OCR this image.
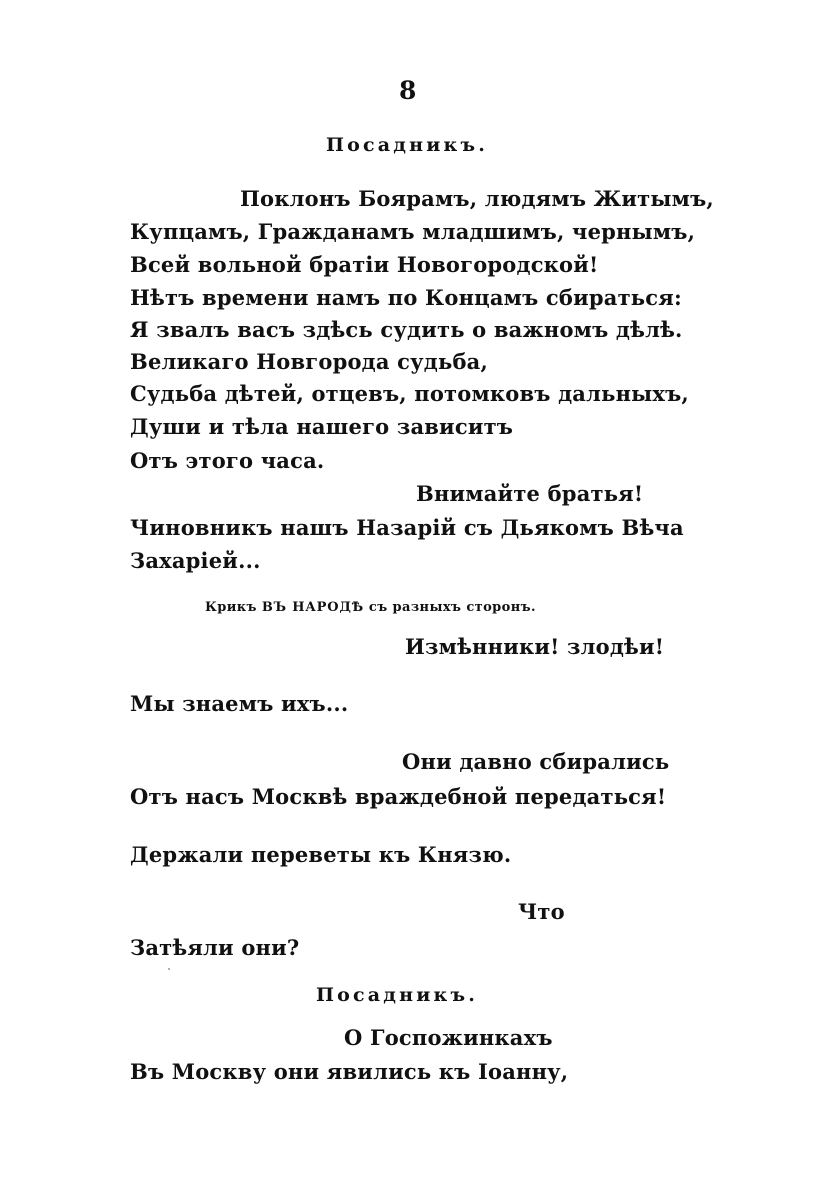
8
Посадникъ.
Поклонъ Боярамъ, людямъ Житымъ,
Купцамъ, Гражданамъ младшимъ, чернымъ,
Всей вольной братіи Новогородской!
Нѣтъ времени намъ по Концамъ сбираться:
Я звалъ васъ здѣсь судить о важномъ дѣлѣ.
Великаго Новгорода судьба,
Судьба дѣтей, отцевъ, потомковъ дальныхъ,
Души и тѣла нашего зависитъ
Отъ этого часа.
Внимайте братья!
Чиновникъ нашъ Назарій съ Дьякомъ Вѣча
Захаріей...
Крикъ ВЪ НАРОДѢ съ разныхъ сторонъ.
Измѣнники! злодѣи!
Мы знаемъ ихъ...
Они давно сбирались
Отъ насъ Москвѣ враждебной передаться!
Держали переветы къ Князю.
Что
Затѣяли они?
Посадникъ.
О Госпожинкахъ
Въ Москву они явились къ Іоанну,
